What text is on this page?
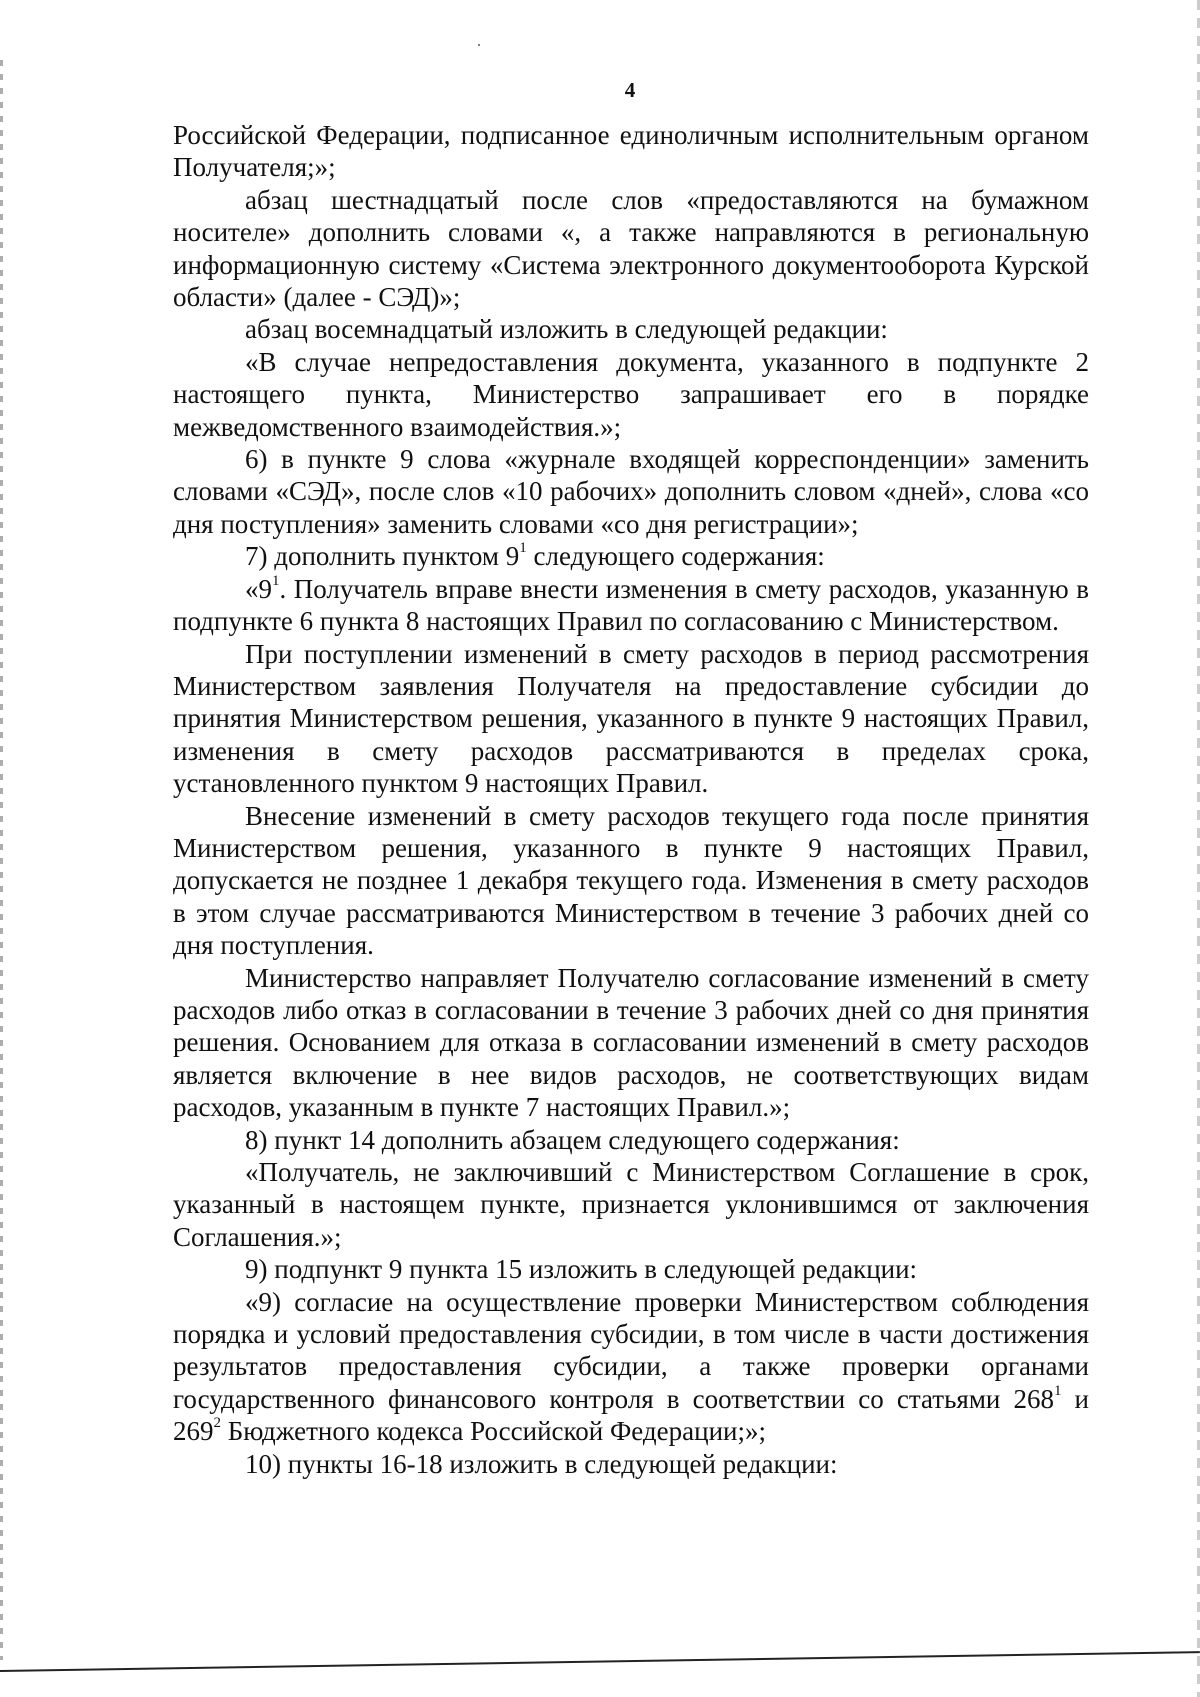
4

Российской Федерации, подписанное единоличным исполнительным органом Получателя;»;

абзац шестнадцатый после слов «предоставляются на бумажном носителе» дополнить словами «, а также направляются в региональную информационную систему «Система электронного документооборота Курской области» (далее - СЭД)»;

абзац восемнадцатый изложить в следующей редакции:

«В случае непредоставления документа, указанного в подпункте 2 настоящего пункта, Министерство запрашивает его в порядке межведомственного взаимодействия.»;

6) в пункте 9 слова «журнале входящей корреспонденции» заменить словами «СЭД», после слов «10 рабочих» дополнить словом «дней», слова «со дня поступления» заменить словами «со дня регистрации»;

7) дополнить пунктом $9^1$ следующего содержания:

«$9^1$. Получатель вправе внести изменения в смету расходов, указанную в подпункте 6 пункта 8 настоящих Правил по согласованию с Министерством.

При поступлении изменений в смету расходов в период рассмотрения Министерством заявления Получателя на предоставление субсидии до принятия Министерством решения, указанного в пункте 9 настоящих Правил, изменения в смету расходов рассматриваются в пределах срока, установленного пунктом 9 настоящих Правил.

Внесение изменений в смету расходов текущего года после принятия Министерством решения, указанного в пункте 9 настоящих Правил, допускается не позднее 1 декабря текущего года. Изменения в смету расходов в этом случае рассматриваются Министерством в течение 3 рабочих дней со дня поступления.

Министерство направляет Получателю согласование изменений в смету расходов либо отказ в согласовании в течение 3 рабочих дней со дня принятия решения. Основанием для отказа в согласовании изменений в смету расходов является включение в нее видов расходов, не соответствующих видам расходов, указанным в пункте 7 настоящих Правил.»;

8) пункт 14 дополнить абзацем следующего содержания:

«Получатель, не заключивший с Министерством Соглашение в срок, указанный в настоящем пункте, признается уклонившимся от заключения Соглашения.»;

9) подпункт 9 пункта 15 изложить в следующей редакции:

«9) согласие на осуществление проверки Министерством соблюдения порядка и условий предоставления субсидии, в том числе в части достижения результатов предоставления субсидии, а также проверки органами государственного финансового контроля в соответствии со статьями $268^1$ и $269^2$ Бюджетного кодекса Российской Федерации;»;

10) пункты 16-18 изложить в следующей редакции:
